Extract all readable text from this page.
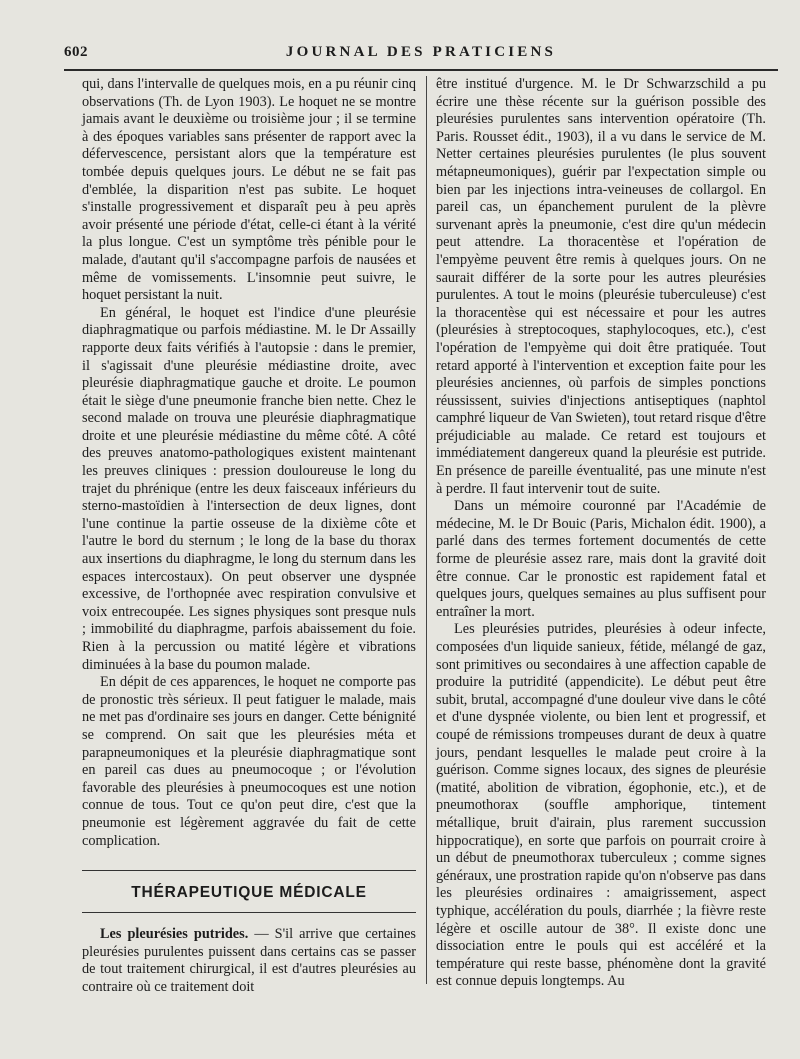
602	JOURNAL DES PRATICIENS

qui, dans l'intervalle de quelques mois, en a pu réunir cinq observations (Th. de Lyon 1903). Le hoquet ne se montre jamais avant le deuxième ou troisième jour ; il se termine à des époques variables sans présenter de rapport avec la défervescence, persistant alors que la température est tombée depuis quelques jours. Le début ne se fait pas d'emblée, la disparition n'est pas subite. Le hoquet s'installe progressivement et disparaît peu à peu après avoir présenté une période d'état, celle-ci étant à la vérité la plus longue. C'est un symptôme très pénible pour le malade, d'autant qu'il s'accompagne parfois de nausées et même de vomissements. L'insomnie peut suivre, le hoquet persistant la nuit.

En général, le hoquet est l'indice d'une pleurésie diaphragmatique ou parfois médiastine. M. le Dr Assailly rapporte deux faits vérifiés à l'autopsie : dans le premier, il s'agissait d'une pleurésie médiastine droite, avec pleurésie diaphragmatique gauche et droite. Le poumon était le siège d'une pneumonie franche bien nette. Chez le second malade on trouva une pleurésie diaphragmatique droite et une pleurésie médiastine du même côté. A côté des preuves anatomo-pathologiques existent maintenant les preuves cliniques : pression douloureuse le long du trajet du phrénique (entre les deux faisceaux inférieurs du sterno-mastoïdien à l'intersection de deux lignes, dont l'une continue la partie osseuse de la dixième côte et l'autre le bord du sternum ; le long de la base du thorax aux insertions du diaphragme, le long du sternum dans les espaces intercostaux). On peut observer une dyspnée excessive, de l'orthopnée avec respiration convulsive et voix entrecoupée. Les signes physiques sont presque nuls ; immobilité du diaphragme, parfois abaissement du foie. Rien à la percussion ou matité légère et vibrations diminuées à la base du poumon malade.

En dépit de ces apparences, le hoquet ne comporte pas de pronostic très sérieux. Il peut fatiguer le malade, mais ne met pas d'ordinaire ses jours en danger. Cette bénignité se comprend. On sait que les pleurésies méta et parapneumoniques et la pleurésie diaphragmatique sont en pareil cas dues au pneumocoque ; or l'évolution favorable des pleurésies à pneumocoques est une notion connue de tous. Tout ce qu'on peut dire, c'est que la pneumonie est légèrement aggravée du fait de cette complication.

THÉRAPEUTIQUE MÉDICALE

Les pleurésies putrides. — S'il arrive que certaines pleurésies purulentes puissent dans certains cas se passer de tout traitement chirurgical, il est d'autres pleurésies au contraire où ce traitement doit

être institué d'urgence. M. le Dr Schwarzschild a pu écrire une thèse récente sur la guérison possible des pleurésies purulentes sans intervention opératoire (Th. Paris. Rousset édit., 1903), il a vu dans le service de M. Netter certaines pleurésies purulentes (le plus souvent métapneumoniques), guérir par l'expectation simple ou bien par les injections intra-veineuses de collargol. En pareil cas, un épanchement purulent de la plèvre survenant après la pneumonie, c'est dire qu'un médecin peut attendre. La thoracentèse et l'opération de l'empyème peuvent être remis à quelques jours. On ne saurait différer de la sorte pour les autres pleurésies purulentes. A tout le moins (pleurésie tuberculeuse) c'est la thoracentèse qui est nécessaire et pour les autres (pleurésies à streptocoques, staphylocoques, etc.), c'est l'opération de l'empyème qui doit être pratiquée. Tout retard apporté à l'intervention et exception faite pour les pleurésies anciennes, où parfois de simples ponctions réussissent, suivies d'injections antiseptiques (naphtol camphré liqueur de Van Swieten), tout retard risque d'être préjudiciable au malade. Ce retard est toujours et immédiatement dangereux quand la pleurésie est putride. En présence de pareille éventualité, pas une minute n'est à perdre. Il faut intervenir tout de suite.

Dans un mémoire couronné par l'Académie de médecine, M. le Dr Bouic (Paris, Michalon édit. 1900), a parlé dans des termes fortement documentés de cette forme de pleurésie assez rare, mais dont la gravité doit être connue. Car le pronostic est rapidement fatal et quelques jours, quelques semaines au plus suffisent pour entraîner la mort.

Les pleurésies putrides, pleurésies à odeur infecte, composées d'un liquide sanieux, fétide, mélangé de gaz, sont primitives ou secondaires à une affection capable de produire la putridité (appendicite). Le début peut être subit, brutal, accompagné d'une douleur vive dans le côté et d'une dyspnée violente, ou bien lent et progressif, et coupé de rémissions trompeuses durant de deux à quatre jours, pendant lesquelles le malade peut croire à la guérison. Comme signes locaux, des signes de pleurésie (matité, abolition de vibration, égophonie, etc.), et de pneumothorax (souffle amphorique, tintement métallique, bruit d'airain, plus rarement succussion hippocratique), en sorte que parfois on pourrait croire à un début de pneumothorax tuberculeux ; comme signes généraux, une prostration rapide qu'on n'observe pas dans les pleurésies ordinaires : amaigrissement, aspect typhique, accélération du pouls, diarrhée ; la fièvre reste légère et oscille autour de 38°. Il existe donc une dissociation entre le pouls qui est accéléré et la température qui reste basse, phénomène dont la gravité est connue depuis longtemps. Au
